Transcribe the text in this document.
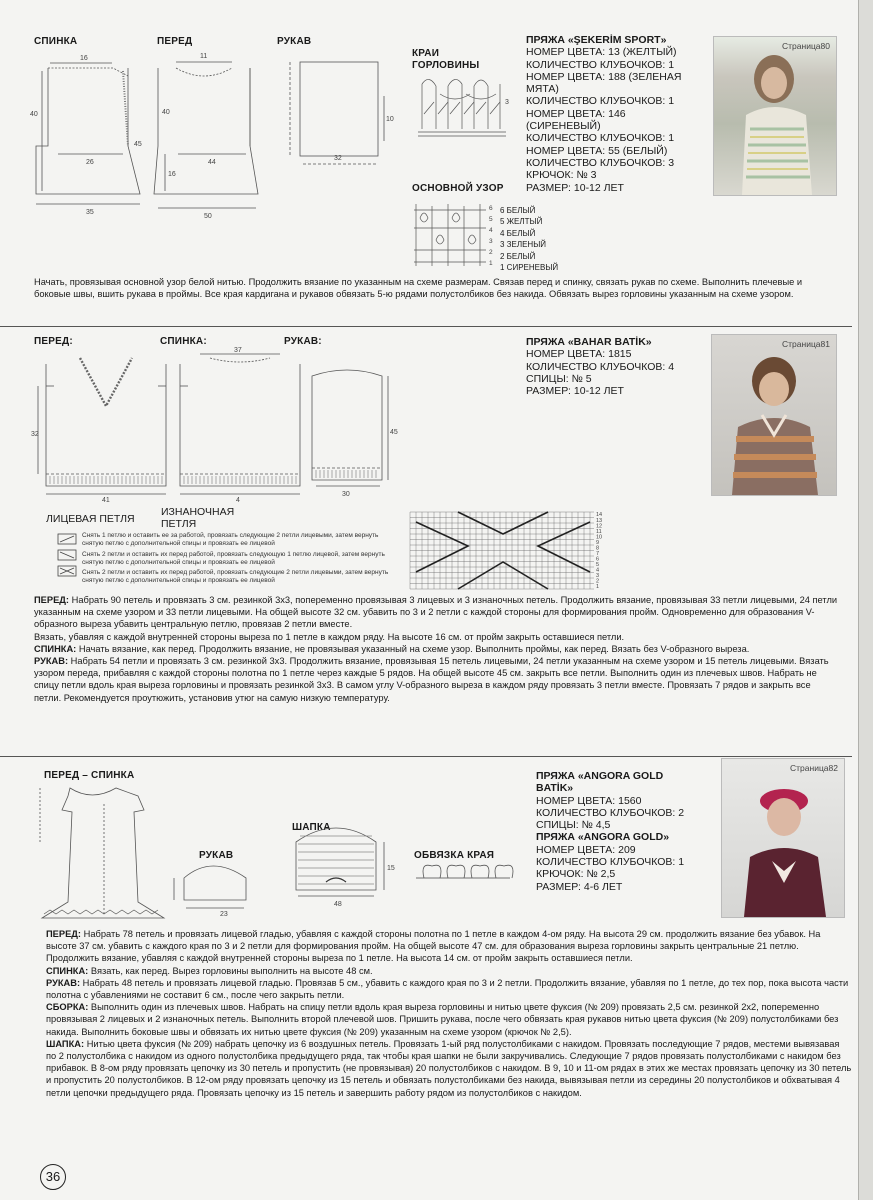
СПИНКА	ПЕРЕД	РУКАВ
16
40
26
45
35
11
40
44
16
50
32
10
КРАИ
ГОРЛОВИНЫ
3
ОСНОВНОЙ УЗОР
6
5
4
3
2
1
6 БЕЛЫЙ
5 ЖЕЛТЫЙ
4 БЕЛЫЙ
3 ЗЕЛЕНЫЙ
2 БЕЛЫЙ
1 СИРЕНЕВЫЙ
ПРЯЖА «ŞEKERİM SPORT»
НОМЕР ЦВЕТА: 13 (ЖЕЛТЫЙ)
КОЛИЧЕСТВО КЛУБОЧКОВ: 1
НОМЕР ЦВЕТА: 188 (ЗЕЛЕНАЯ
МЯТА)
КОЛИЧЕСТВО КЛУБОЧКОВ: 1
НОМЕР ЦВЕТА: 146
(СИРЕНЕВЫЙ)
КОЛИЧЕСТВО КЛУБОЧКОВ: 1
НОМЕР ЦВЕТА: 55 (БЕЛЫЙ)
КОЛИЧЕСТВО КЛУБОЧКОВ: 3
КРЮЧОК: № 3
РАЗМЕР: 10-12 ЛЕТ
Страница80
Начать, провязывая основной узор белой нитью. Продолжить вязание по указанным на схеме размерам. Связав перед и спинку, связать рукав по схеме. Выполнить плечевые и боковые швы, вшить рукава в проймы. Все края кардигана и рукавов обвязать 5-ю рядами полустолбиков без накида. Обвязать вырез горловины указанным на схеме узором.
ПЕРЕД:	СПИНКА:	РУКАВ:
32
41
37
4
30
45
ЛИЦЕВАЯ ПЕТЛЯ
ИЗНАНОЧНАЯ
ПЕТЛЯ
Снять 1 петлю и оставить ее за работой, провязать следующие 2 петли лицевыми, затем вернуть снятую петлю с дополнительной спицы и провязать ее лицевой
Снять 2 петли и оставить их перед работой, провязать следующую 1 петлю лицевой, затем вернуть снятую петлю с дополнительной спицы и провязать ее лицевой
Снять 2 петли и оставить их перед работой, провязать следующие 2 петли лицевыми, затем вернуть снятую петлю с дополнительной спицы и провязать ее лицевой
14
13
12
11
10
9
8
7
6
5
4
3
2
1
ПРЯЖА «BAHAR BATİK»
НОМЕР ЦВЕТА: 1815
КОЛИЧЕСТВО КЛУБОЧКОВ: 4
СПИЦЫ: № 5
РАЗМЕР: 10-12 ЛЕТ
Страница81
ПЕРЕД: Набрать 90 петель и провязать 3 см. резинкой 3х3, попеременно провязывая 3 лицевых и 3 изнаночных петель. Продолжить вязание, провязывая 33 петли лицевыми, 24 петли указанным на схеме узором и 33 петли лицевыми. На общей высоте 32 см. убавить по 3 и 2 петли с каждой стороны для формирования пройм. Одновременно для образования V-образного выреза убавить центральную петлю, провязав 2 петли вместе.
Вязать, убавляя с каждой внутренней стороны выреза по 1 петле в каждом ряду. На высоте 16 см. от пройм закрыть оставшиеся петли.
СПИНКА: Начать вязание, как перед. Продолжить вязание, не провязывая указанный на схеме узор. Выполнить проймы, как перед. Вязать без V-образного выреза.
РУКАВ: Набрать 54 петли и провязать 3 см. резинкой 3х3. Продолжить вязание, провязывая 15 петель лицевыми, 24 петли указанным на схеме узором и 15 петель лицевыми. Вязать узором переда, прибавляя с каждой стороны полотна по 1 петле через каждые 5 рядов. На общей высоте 45 см. закрыть все петли. Выполнить один из плечевых швов. Набрать не спицу петли вдоль края выреза горловины и провязать резинкой 3х3. В самом углу V-образного выреза в каждом ряду провязать 3 петли вместе. Провязать 7 рядов и закрыть все петли. Рекомендуется проутюжить, установив утюг на самую низкую температуру.
ПЕРЕД – СПИНКА
ШАПКА
РУКАВ	ОБВЯЗКА КРАЯ
23
48
15
ПРЯЖА «ANGORA GOLD
BATİK»
НОМЕР ЦВЕТА: 1560
КОЛИЧЕСТВО КЛУБОЧКОВ: 2
СПИЦЫ: № 4,5
ПРЯЖА «ANGORA GOLD»
НОМЕР ЦВЕТА: 209
КОЛИЧЕСТВО КЛУБОЧКОВ: 1
КРЮЧОК: № 2,5
РАЗМЕР: 4-6 ЛЕТ
Страница82
ПЕРЕД: Набрать 78 петель и провязать лицевой гладью, убавляя с каждой стороны полотна по 1 петле в каждом 4-ом ряду. На высота 29 см. продолжить вязание без убавок. На высоте 37 см. убавить с каждого края по 3 и 2 петли для формирования пройм. На общей высоте 47 см. для образования выреза горловины закрыть центральные 21 петлю. Продолжить вязание, убавляя с каждой внутренней стороны выреза по 1 петле. На высота 14 см. от пройм закрыть оставшиеся петли.
СПИНКА: Вязать, как перед. Вырез горловины выполнить на высоте 48 см.
РУКАВ: Набрать 48 петель и провязать лицевой гладью. Провязав 5 см., убавить с каждого края по 3 и 2 петли. Продолжить вязание, убавляя по 1 петле, до тех пор, пока высота части полотна с убавлениями не составит 6 см., после чего закрыть петли.
СБОРКА: Выполнить один из плечевых швов. Набрать на спицу петли вдоль края выреза горловины и нитью цвете фуксия (№ 209) провязать 2,5 см. резинкой 2х2, попеременно провязывая 2 лицевых и 2 изнаночных петель. Выполнить второй плечевой шов. Пришить рукава, после чего обвязать края рукавов нитью цвета фуксия (№ 209) полустолбиками без накида. Выполнить боковые швы и обвязать их нитью цвете фуксия (№ 209) указанным на схеме узором (крючок № 2,5).
ШАПКА: Нитью цвета фуксия (№ 209) набрать цепочку из 6 воздушных петель. Провязать 1-ый ряд полустолбиками с накидом. Провязать последующие 7 рядов, местеми вывязавая по 2 полустолбика с накидом из одного полустолбика предыдущего ряда, так чтобы края шапки не были закручивались. Следующие 7 рядов провязать полустолбиками с накидом без прибавок. В 8-ом ряду провязать цепочку из 30 петель и пропустить (не провязывая) 20 полустолбиков с накидом. В 9, 10 и 11-ом рядах в этих же местах провязать цепочку из 30 петель и пропустить 20 полустолбиков. В 12-ом ряду провязать цепочку из 15 петель и обвязать полустолбиками без накида, вывязывая петли из середины 20 полустолбиков и обхватывая 4 петли цепочки предыдущего ряда. Провязать цепочку из 15 петель и завершить работу рядом из полустолбиков с накидом.
36
